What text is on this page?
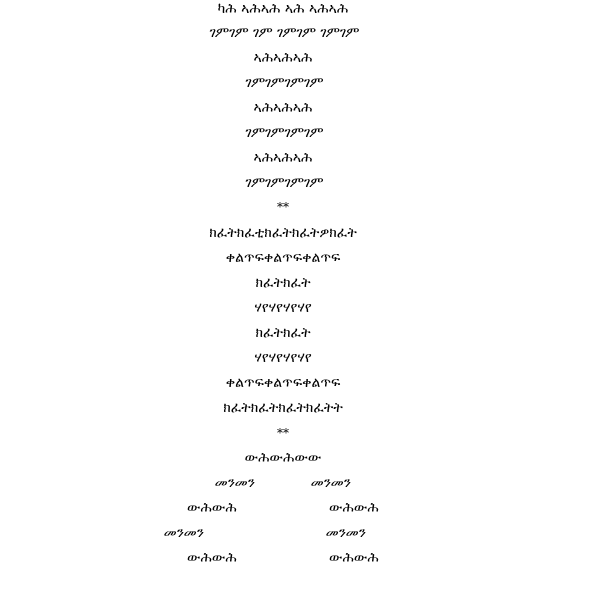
ካሕ ኣሕኣሕ ኣሕ ኣሕኣሕ
ገምገም ገም ገምገም ገምገም
ኣሕኣሕኣሕ
ገምገምገምገም
ኣሕኣሕኣሕ
ገምገምገምገም
ኣሕኣሕኣሕ
ገምገምገምገም
**
ክፈትክፈቲክፈትክፈትዎክፈት
ቀልጥፍቀልጥፍቀልጥፍ
ክፈትክፈት
ሃየሃየሃየሃየ
ክፈትክፈት
ሃየሃየሃየሃየ
ቀልጥፍቀልጥፍቀልጥፍ
ክፈትክፈትክፈትክፈትት
**
ውሕውሕውው
መንመን	መንመን
ውሕውሕ	ውሕውሕ
መንመን	መንመን
ውሕውሕ	ውሕውሕ
